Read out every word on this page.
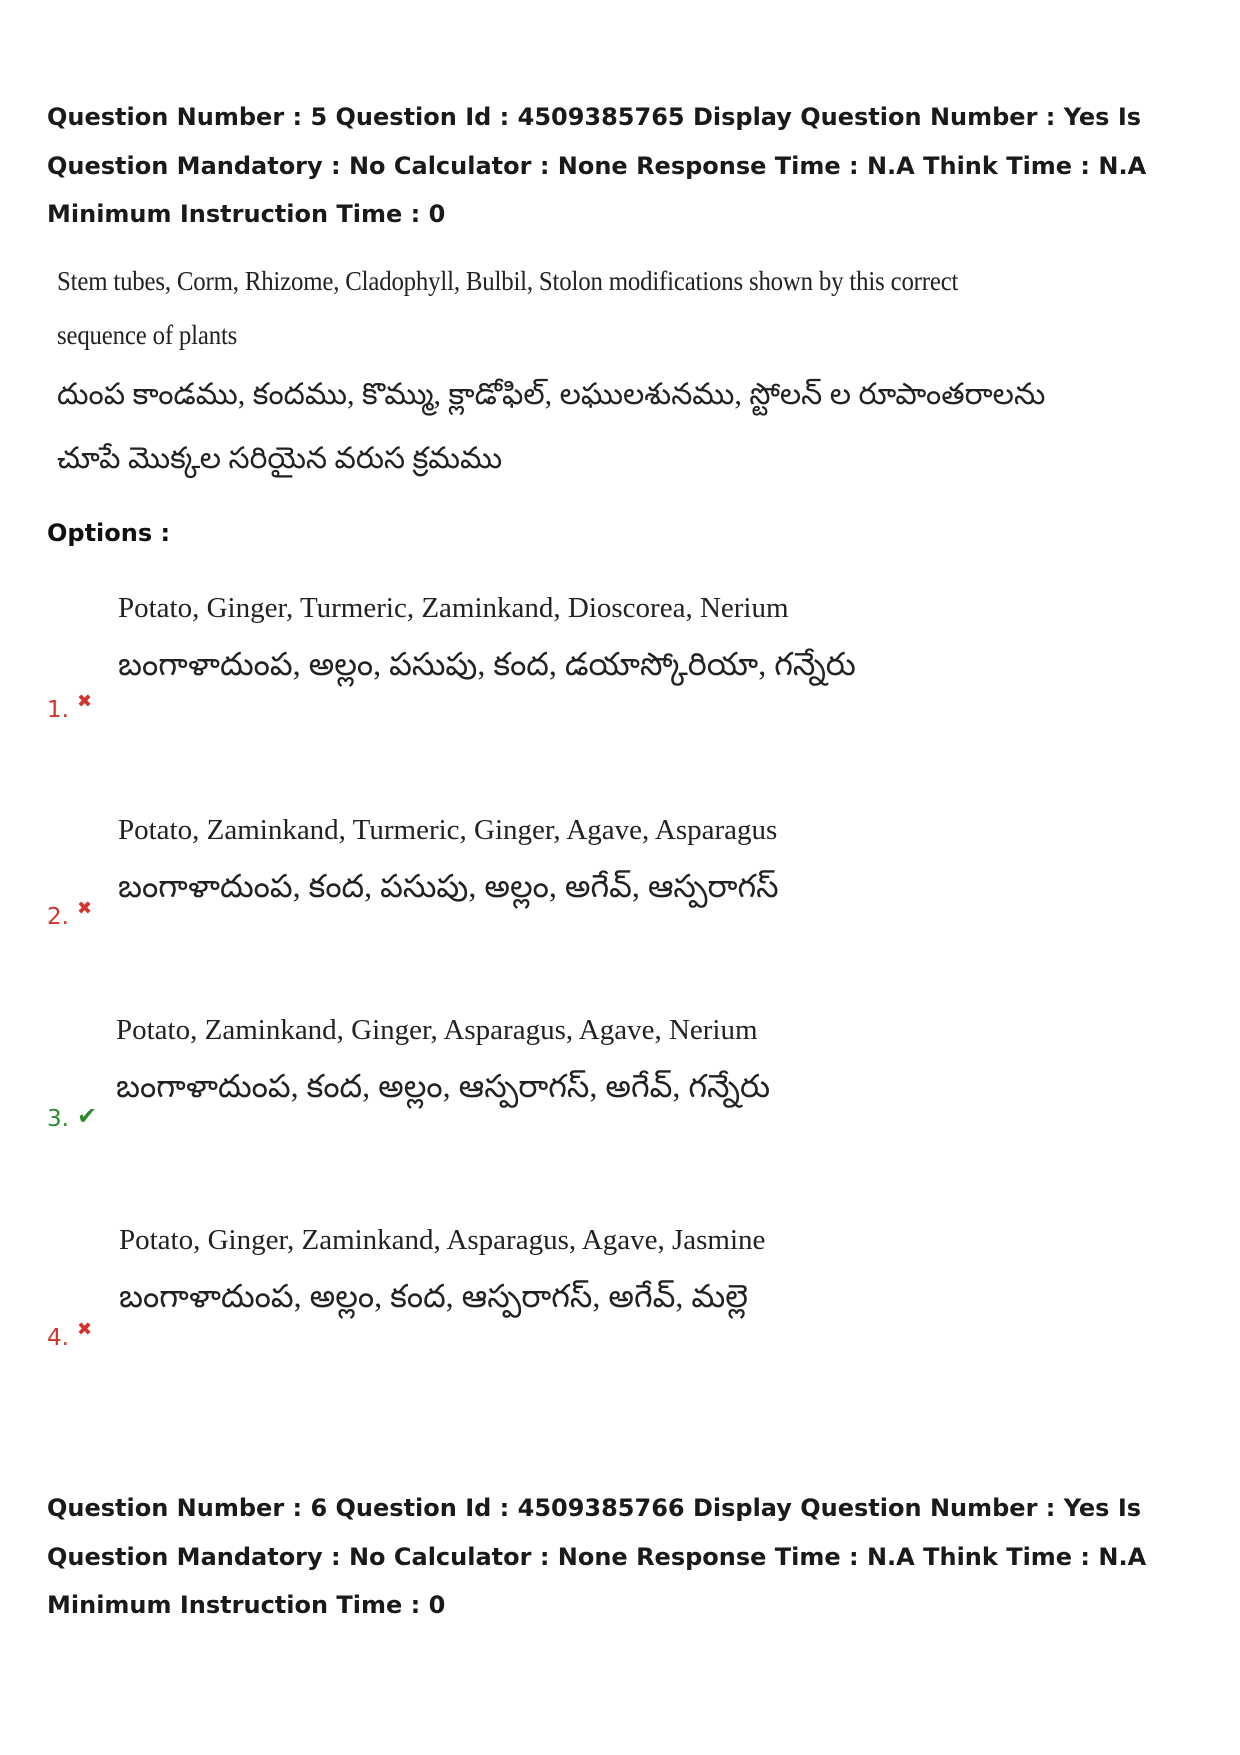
Question Number : 5 Question Id : 4509385765 Display Question Number : Yes Is Question Mandatory : No Calculator : None Response Time : N.A Think Time : N.A Minimum Instruction Time : 0

Stem tubes, Corm, Rhizome, Cladophyll, Bulbil, Stolon modifications shown by this correct
sequence of plants
దుంప కాండము, కందము, కొమ్ము, క్లాడోఫిల్, లఘులశునము, స్టోలన్ ల రూపాంతరాలను
చూపే మొక్కల సరియైన వరుస క్రమము

Options :

Potato, Ginger, Turmeric, Zaminkand, Dioscorea, Nerium
బంగాళాదుంప, అల్లం, పసుపు, కంద, డయాస్కోరియా, గన్నేరు
1. ✖
Potato, Zaminkand, Turmeric, Ginger, Agave, Asparagus
బంగాళాదుంప, కంద, పసుపు, అల్లం, అగేవ్, ఆస్పరాగస్
2. ✖
Potato, Zaminkand, Ginger, Asparagus, Agave, Nerium
బంగాళాదుంప, కంద, అల్లం, ఆస్పరాగస్, అగేవ్, గన్నేరు
3. ✔
Potato, Ginger, Zaminkand, Asparagus, Agave, Jasmine
బంగాళాదుంప, అల్లం, కంద, ఆస్పరాగస్, అగేవ్, మల్లె
4. ✖

Question Number : 6 Question Id : 4509385766 Display Question Number : Yes Is Question Mandatory : No Calculator : None Response Time : N.A Think Time : N.A Minimum Instruction Time : 0
